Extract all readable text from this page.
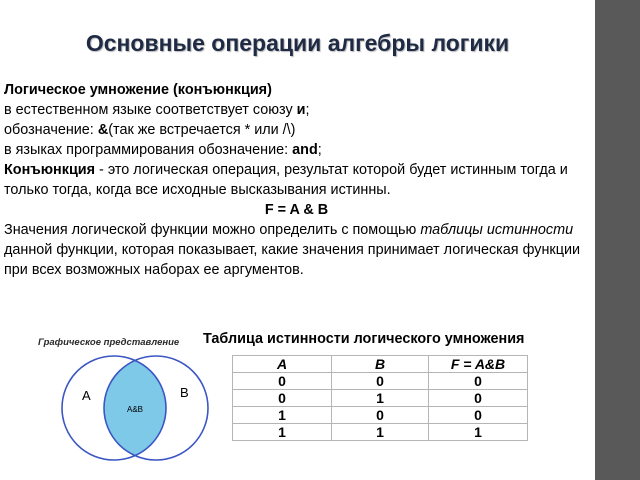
Основные операции алгебры логики

Логическое умножение (конъюнкция)

в естественном языке соответствует союзу и;

обозначение: &(так же встречается * или /\)

в языках программирования обозначение: and;

Конъюнкция - это логическая операция, результат которой будет истинным тогда и только тогда, когда все исходные высказывания истинны.

F = A & B

Значения логической функции можно определить с помощью таблицы истинности данной функции, которая показывает, какие значения принимает логическая функции при всех возможных наборах ее аргументов.

Графическое представление
A	B
A&B
Таблица истинности логического умножения
A	B	F = A&B
0	0	0
0	1	0
1	0	0
1	1	1
